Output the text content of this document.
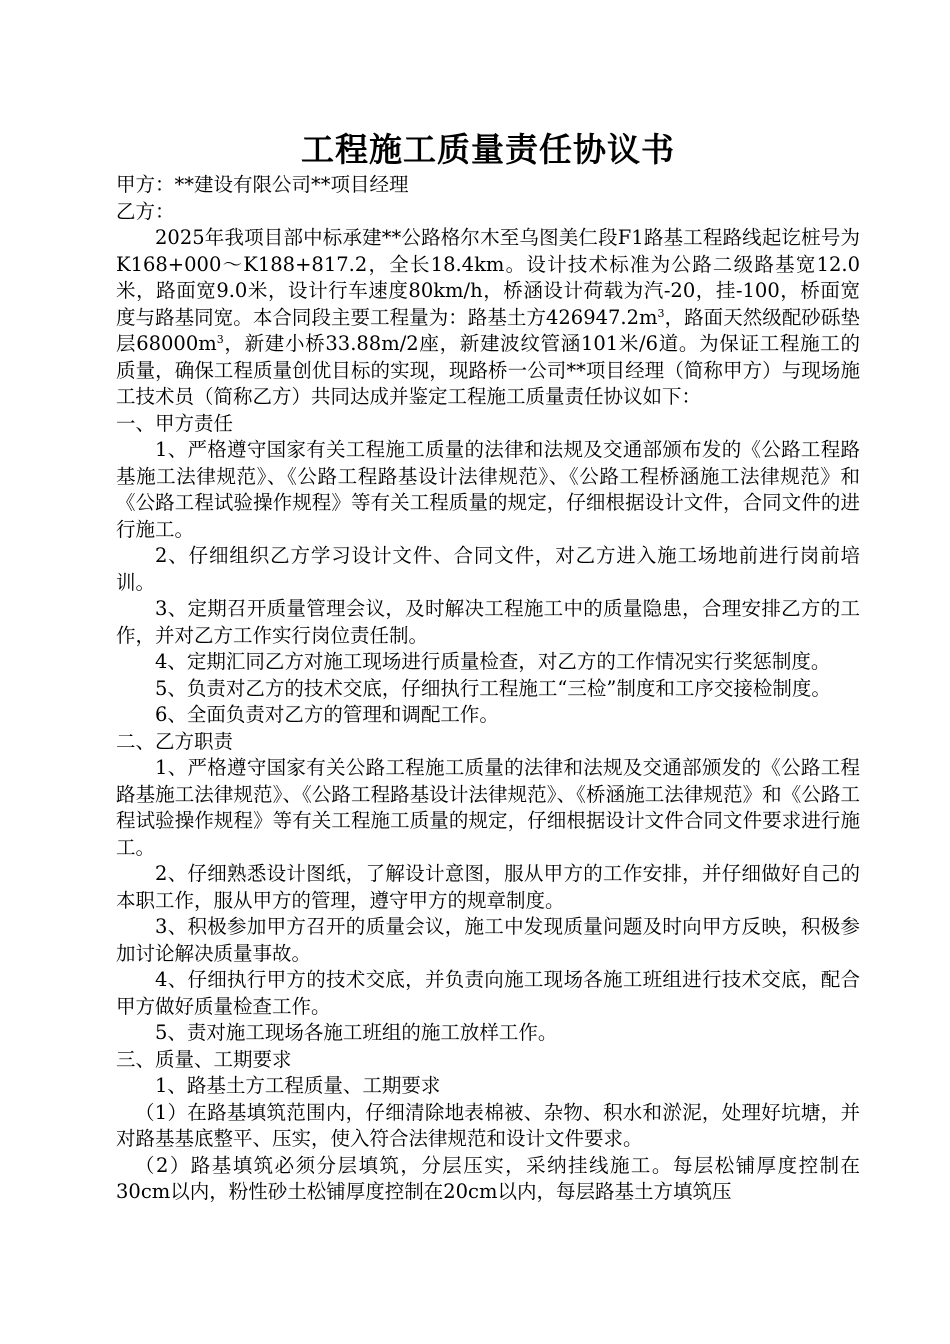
工程施工质量责任协议书

甲方：**建设有限公司**项目经理

乙方：

2025年我项目部中标承建**公路格尔木至乌图美仁段F1路基工程路线起讫桩号为K168+000～K188+817.2，全长18.4km。设计技术标准为公路二级路基宽12.0米，路面宽9.0米，设计行车速度80km/h，桥涵设计荷载为汽-20，挂-100，桥面宽度与路基同宽。本合同段主要工程量为：路基土方$426947.2m^3$，路面天然级配砂砾垫层$68000m^3$，新建小桥33.88m/2座，新建波纹管涵101米/6道。为保证工程施工的质量，确保工程质量创优目标的实现，现路桥一公司**项目经理（简称甲方）与现场施工技术员（简称乙方）共同达成并鉴定工程施工质量责任协议如下：

一、甲方责任

1、严格遵守国家有关工程施工质量的法律和法规及交通部颁布发的《公路工程路基施工法律规范》、《公路工程路基设计法律规范》、《公路工程桥涵施工法律规范》和《公路工程试验操作规程》等有关工程质量的规定，仔细根据设计文件，合同文件的进行施工。

2、仔细组织乙方学习设计文件、合同文件，对乙方进入施工场地前进行岗前培训。

3、定期召开质量管理会议，及时解决工程施工中的质量隐患，合理安排乙方的工作，并对乙方工作实行岗位责任制。

4、定期汇同乙方对施工现场进行质量检查，对乙方的工作情况实行奖惩制度。

5、负责对乙方的技术交底，仔细执行工程施工“三检”制度和工序交接检制度。

6、全面负责对乙方的管理和调配工作。

二、乙方职责

1、严格遵守国家有关公路工程施工质量的法律和法规及交通部颁发的《公路工程路基施工法律规范》、《公路工程路基设计法律规范》、《桥涵施工法律规范》和《公路工程试验操作规程》等有关工程施工质量的规定，仔细根据设计文件合同文件要求进行施工。

2、仔细熟悉设计图纸，了解设计意图，服从甲方的工作安排，并仔细做好自己的本职工作，服从甲方的管理，遵守甲方的规章制度。

3、积极参加甲方召开的质量会议，施工中发现质量问题及时向甲方反映，积极参加讨论解决质量事故。

4、仔细执行甲方的技术交底，并负责向施工现场各施工班组进行技术交底，配合甲方做好质量检查工作。

5、责对施工现场各施工班组的施工放样工作。

三、质量、工期要求

1、路基土方工程质量、工期要求

（1）在路基填筑范围内，仔细清除地表棉被、杂物、积水和淤泥，处理好坑塘，并对路基基底整平、压实，使入符合法律规范和设计文件要求。

（2）路基填筑必须分层填筑，分层压实，采纳挂线施工。每层松铺厚度控制在30cm以内，粉性砂土松铺厚度控制在20cm以内，每层路基土方填筑压
